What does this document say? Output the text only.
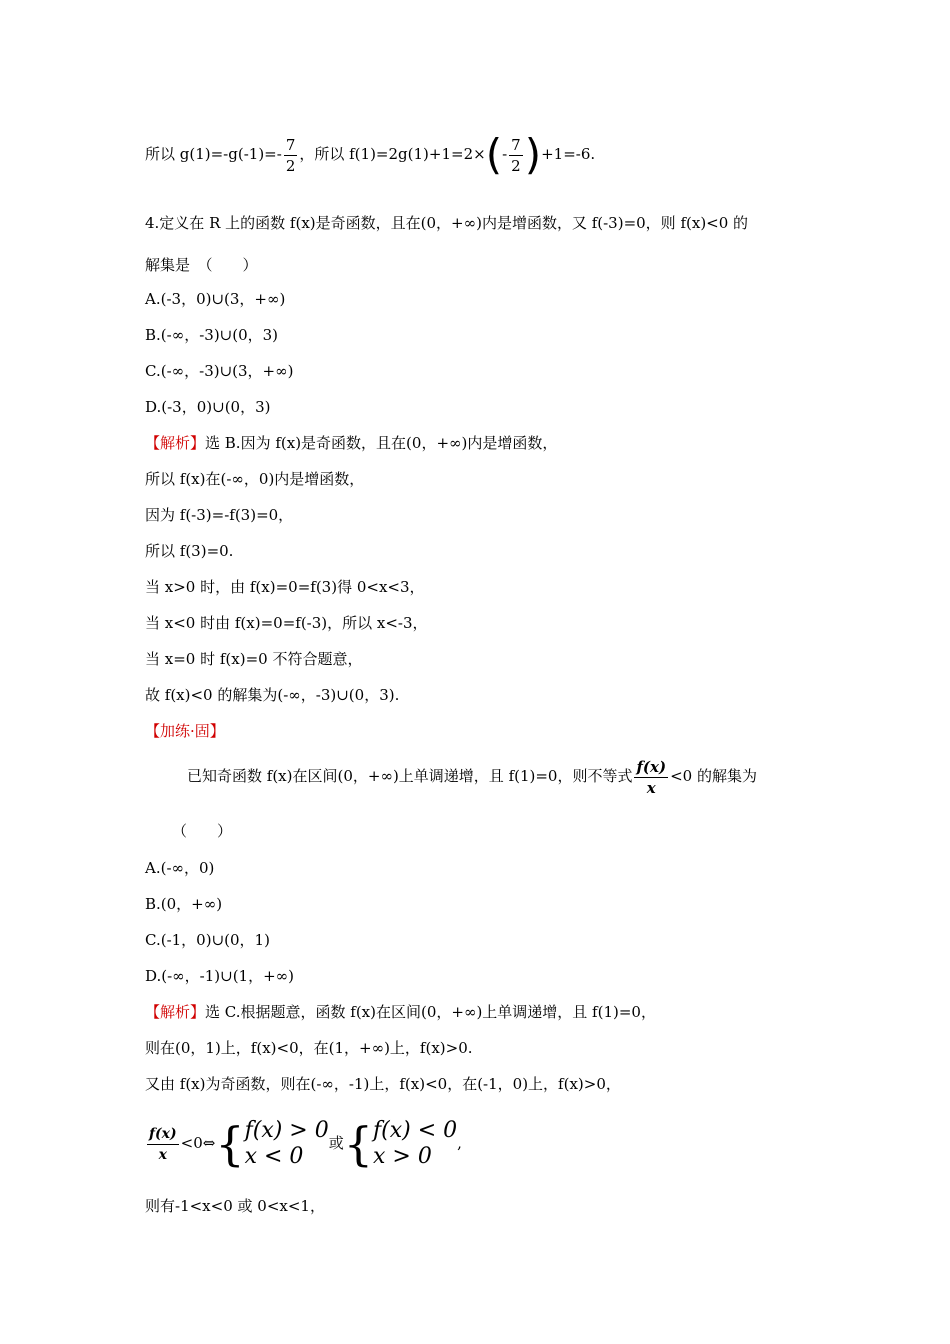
所以 $g(1)=-g(-1)=- \frac{7}{2}$ ，所以 $f(1)=2g(1)+1=2\times(- \frac{7}{2} )+1=-6$.
4.定义在 R 上的函数 f(x)是奇函数，且在(0，+∞)内是增函数，又 f(-3)=0，则 f(x)<0 的
解集是　（　　）
A.(-3，0)∪(3，+∞)
B.(-∞，-3)∪(0，3)
C.(-∞，-3)∪(3，+∞)
D.(-3，0)∪(0，3)
【解析】选 B.因为 f(x)是奇函数，且在(0，+∞)内是增函数，
所以 f(x)在(-∞，0)内是增函数，
因为 f(-3)=-f(3)=0，
所以 f(3)=0.
当 x>0 时，由 f(x)=0=f(3)得 0<x<3，
当 x<0 时由 f(x)=0=f(-3)，所以 x<-3，
当 x=0 时 f(x)=0 不符合题意，
故 f(x)<0 的解集为(-∞，-3)∪(0，3).
【加练·固】
已知奇函数 f(x)在区间(0，+∞)上单调递增，且 f(1)=0，则不等式 $\frac{f(x)}{x} <0$ 的解集为
（　　）
A.(-∞，0)
B.(0，+∞)
C.(-1，0)∪(0，1)
D.(-∞，-1)∪(1，+∞)
【解析】选 C.根据题意，函数 f(x)在区间(0，+∞)上单调递增，且 f(1)=0，
则在(0，1)上，f(x)<0，在(1，+∞)上，f(x)>0.
又由 f(x)为奇函数，则在(-∞，-1)上，f(x)<0，在(-1，0)上，f(x)>0，
$\frac{f(x)}{x}$ <0⇔{ f(x) > 0
x < 0
或{ f(x) < 0
x > 0
,
则有-1<x<0 或 0<x<1，
